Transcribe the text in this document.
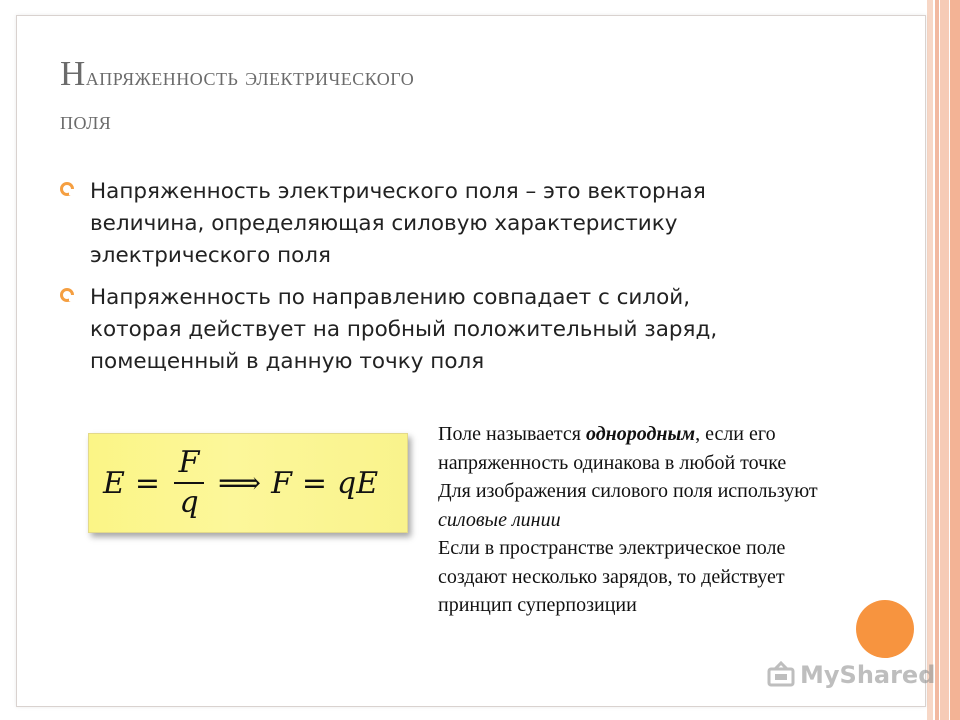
Напряженность электрического
поля
Напряженность электрического поля – это векторная величина, определяющая силовую характеристику электрического поля
Напряженность по направлению совпадает с силой, которая действует на пробный положительный заряд, помещенный в данную точку поля
$E = \frac{F}{q}$ ⟹ F = qE

Поле называется однородным, если его напряженность одинакова в любой точке

Для изображения силового поля используют силовые линии

Если в пространстве электрическое поле создают несколько зарядов, то действует принцип суперпозиции

MyShared
